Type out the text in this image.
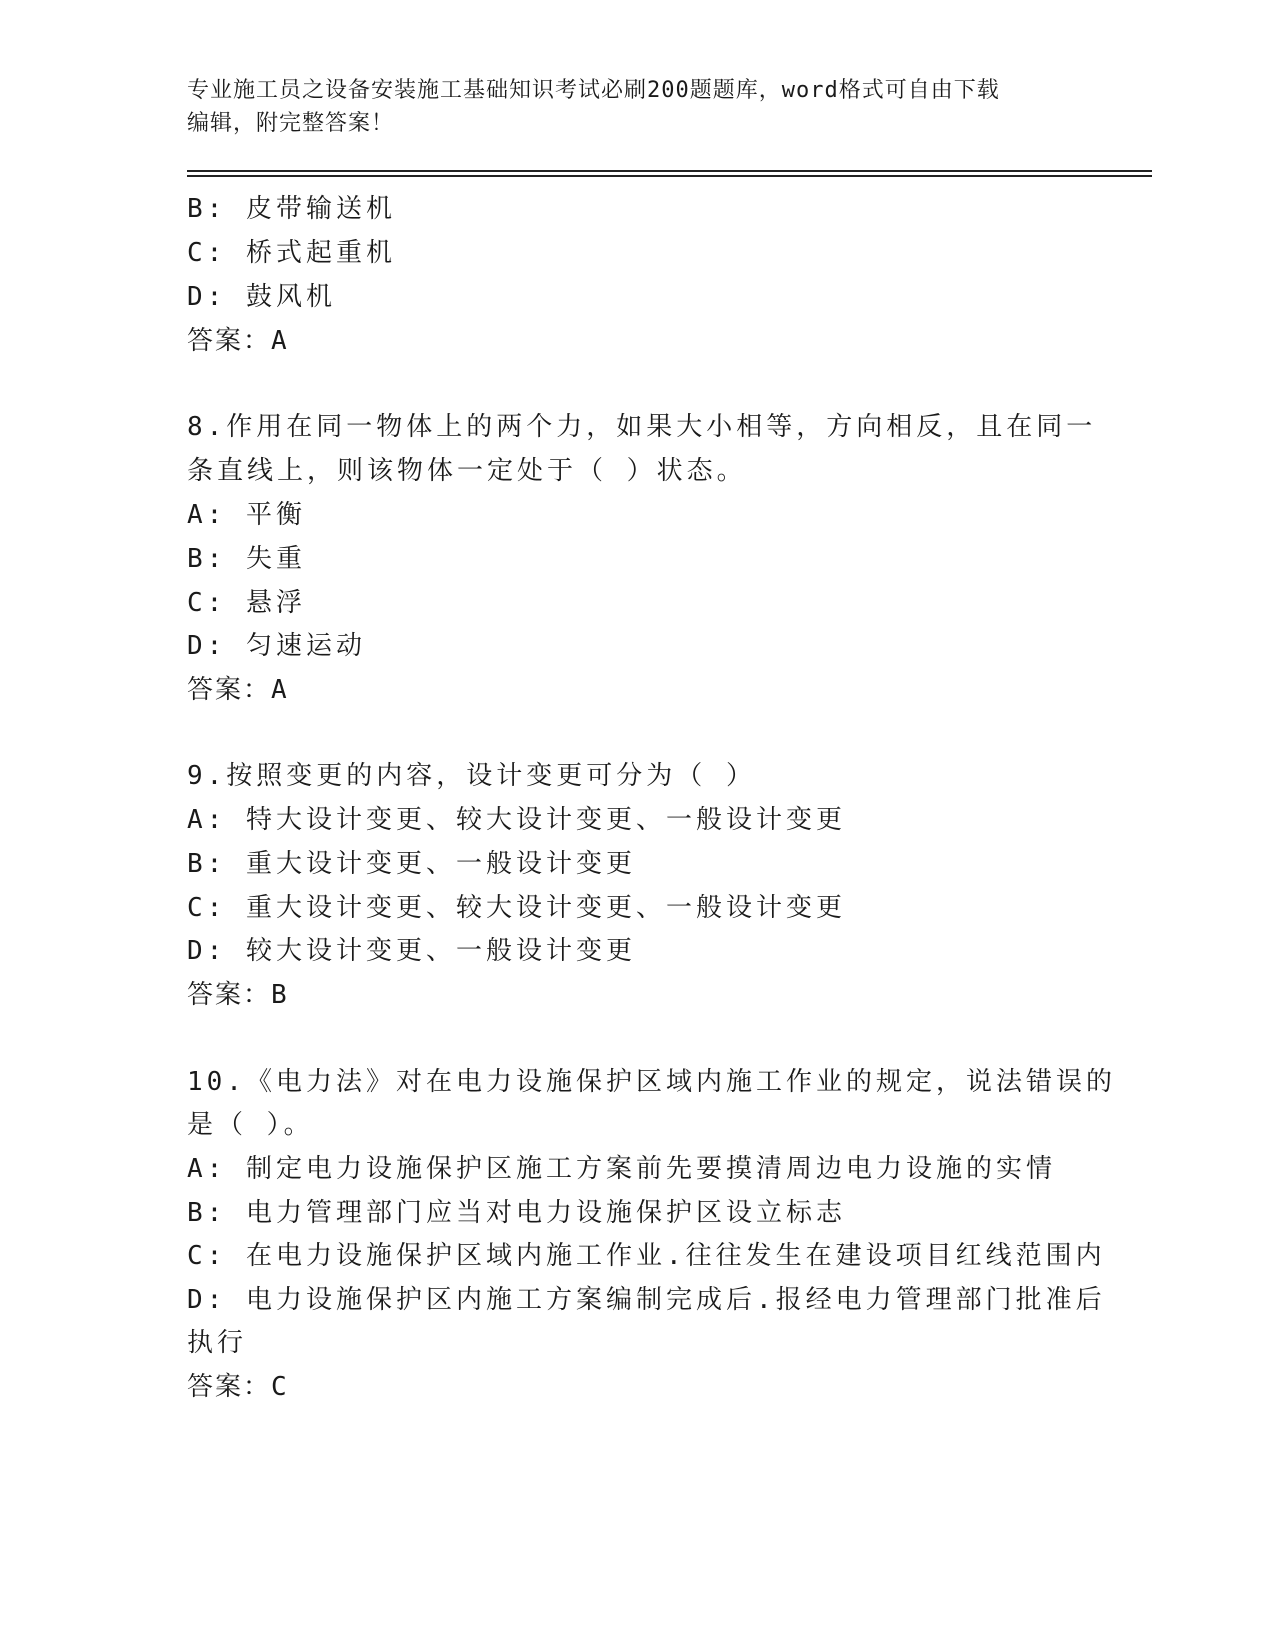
专业施工员之设备安装施工基础知识考试必刷200题题库，word格式可自由下载
编辑，附完整答案！
B: 皮带输送机
C: 桥式起重机
D: 鼓风机
答案：A
8.作用在同一物体上的两个力，如果大小相等，方向相反，且在同一
条直线上，则该物体一定处于（ ）状态。
A: 平衡
B: 失重
C: 悬浮
D: 匀速运动
答案：A
9.按照变更的内容，设计变更可分为（ ）
A: 特大设计变更、较大设计变更、一般设计变更
B: 重大设计变更、一般设计变更
C: 重大设计变更、较大设计变更、一般设计变更
D: 较大设计变更、一般设计变更
答案：B
10.《电力法》对在电力设施保护区域内施工作业的规定，说法错误的
是（ ）。
A: 制定电力设施保护区施工方案前先要摸清周边电力设施的实情
B: 电力管理部门应当对电力设施保护区设立标志
C: 在电力设施保护区域内施工作业.往往发生在建设项目红线范围内
D: 电力设施保护区内施工方案编制完成后.报经电力管理部门批准后
执行
答案：C
